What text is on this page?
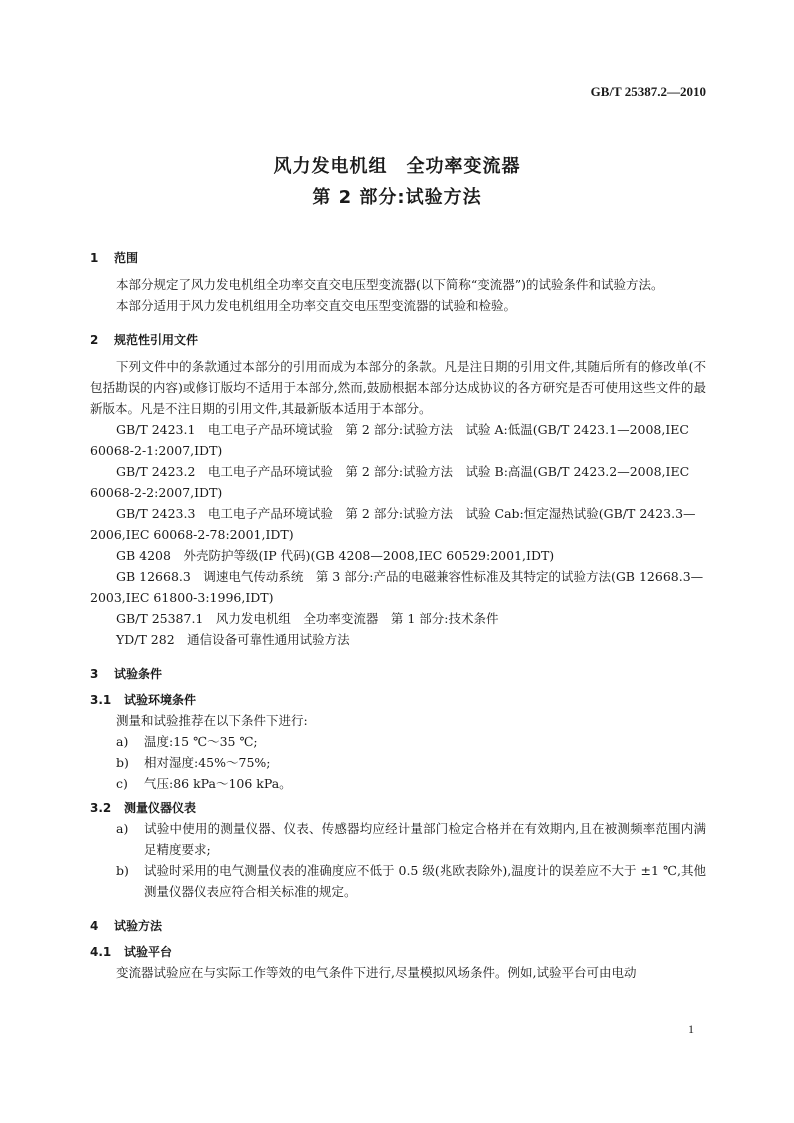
GB/T 25387.2—2010
风力发电机组　全功率变流器
第 2 部分:试验方法
1 范围

本部分规定了风力发电机组全功率交直交电压型变流器(以下简称“变流器”)的试验条件和试验方法。

本部分适用于风力发电机组用全功率交直交电压型变流器的试验和检验。

2 规范性引用文件

下列文件中的条款通过本部分的引用而成为本部分的条款。凡是注日期的引用文件,其随后所有的修改单(不包括勘误的内容)或修订版均不适用于本部分,然而,鼓励根据本部分达成协议的各方研究是否可使用这些文件的最新版本。凡是不注日期的引用文件,其最新版本适用于本部分。

GB/T 2423.1　电工电子产品环境试验　第 2 部分:试验方法　试验 A:低温(GB/T 2423.1—2008,IEC 60068-2-1:2007,IDT)

GB/T 2423.2　电工电子产品环境试验　第 2 部分:试验方法　试验 B:高温(GB/T 2423.2—2008,IEC 60068-2-2:2007,IDT)

GB/T 2423.3　电工电子产品环境试验　第 2 部分:试验方法　试验 Cab:恒定湿热试验(GB/T 2423.3—2006,IEC 60068-2-78:2001,IDT)

GB 4208　外壳防护等级(IP 代码)(GB 4208—2008,IEC 60529:2001,IDT)

GB 12668.3　调速电气传动系统　第 3 部分:产品的电磁兼容性标准及其特定的试验方法(GB 12668.3—2003,IEC 61800-3:1996,IDT)

GB/T 25387.1　风力发电机组　全功率变流器　第 1 部分:技术条件

YD/T 282　通信设备可靠性通用试验方法

3 试验条件
3.1 试验环境条件

测量和试验推荐在以下条件下进行:

a) 温度:15 ℃～35 ℃;

b) 相对湿度:45%～75%;

c) 气压:86 kPa～106 kPa。

3.2 测量仪器仪表

a) 试验中使用的测量仪器、仪表、传感器均应经计量部门检定合格并在有效期内,且在被测频率范围内满足精度要求;

b) 试验时采用的电气测量仪表的准确度应不低于 0.5 级(兆欧表除外),温度计的误差应不大于 ±1 ℃,其他测量仪器仪表应符合相关标准的规定。

4 试验方法
4.1 试验平台

变流器试验应在与实际工作等效的电气条件下进行,尽量模拟风场条件。例如,试验平台可由电动

1
